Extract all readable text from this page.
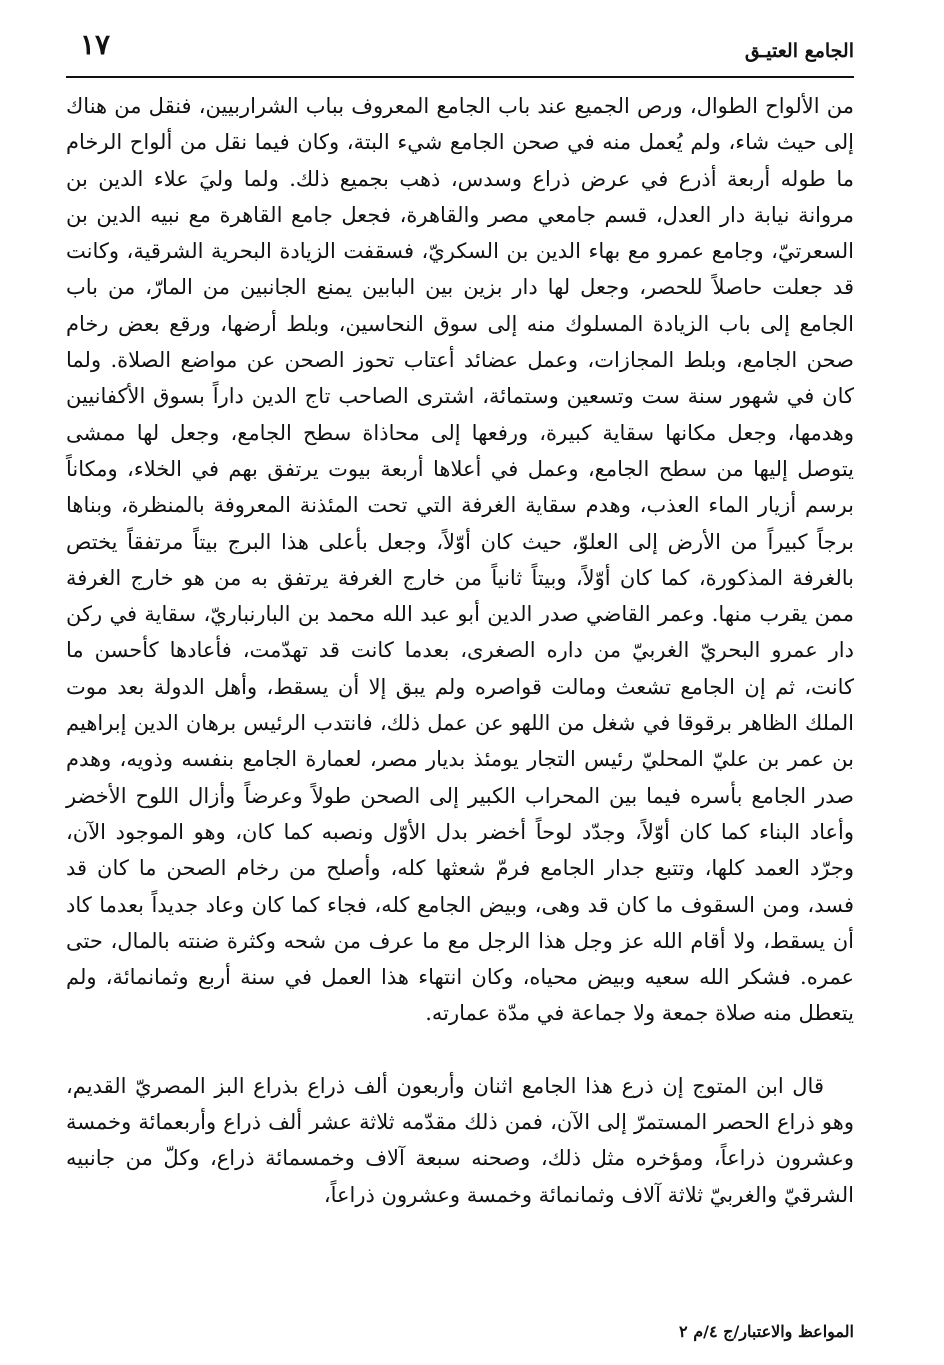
الجامع العتيـق
١٧

من الألواح الطوال، ورص الجميع عند باب الجامع المعروف بباب الشراربيين، فنقل من هناك إلى حيث شاء، ولم يُعمل منه في صحن الجامع شيء البتة، وكان فيما نقل من ألواح الرخام ما طوله أربعة أذرع في عرض ذراع وسدس، ذهب بجميع ذلك. ولما وليَ علاء الدين بن مروانة نيابة دار العدل، قسم جامعي مصر والقاهرة، فجعل جامع القاهرة مع نبيه الدين بن السعرتيّ، وجامع عمرو مع بهاء الدين بن السكريّ، فسقفت الزيادة البحرية الشرقية، وكانت قد جعلت حاصلاً للحصر، وجعل لها دار بزين بين البابين يمنع الجانبين من المارّ، من باب الجامع إلى باب الزيادة المسلوك منه إلى سوق النحاسين، وبلط أرضها، ورقع بعض رخام صحن الجامع، وبلط المجازات، وعمل عضائد أعتاب تحوز الصحن عن مواضع الصلاة. ولما كان في شهور سنة ست وتسعين وستمائة، اشترى الصاحب تاج الدين داراً بسوق الأكفانيين وهدمها، وجعل مكانها سقاية كبيرة، ورفعها إلى محاذاة سطح الجامع، وجعل لها ممشى يتوصل إليها من سطح الجامع، وعمل في أعلاها أربعة بيوت يرتفق بهم في الخلاء، ومكاناً برسم أزيار الماء العذب، وهدم سقاية الغرفة التي تحت المئذنة المعروفة بالمنظرة، وبناها برجاً كبيراً من الأرض إلى العلوّ، حيث كان أوّلاً، وجعل بأعلى هذا البرج بيتاً مرتفقاً يختص بالغرفة المذكورة، كما كان أوّلاً، وبيتاً ثانياً من خارج الغرفة يرتفق به من هو خارج الغرفة ممن يقرب منها. وعمر القاضي صدر الدين أبو عبد الله محمد بن البارنباريّ، سقاية في ركن دار عمرو البحريّ الغربيّ من داره الصغرى، بعدما كانت قد تهدّمت، فأعادها كأحسن ما كانت، ثم إن الجامع تشعث ومالت قواصره ولم يبق إلا أن يسقط، وأهل الدولة بعد موت الملك الظاهر برقوقا في شغل من اللهو عن عمل ذلك، فانتدب الرئيس برهان الدين إبراهيم بن عمر بن عليّ المحليّ رئيس التجار يومئذ بديار مصر، لعمارة الجامع بنفسه وذويه، وهدم صدر الجامع بأسره فيما بين المحراب الكبير إلى الصحن طولاً وعرضاً وأزال اللوح الأخضر وأعاد البناء كما كان أوّلاً، وجدّد لوحاً أخضر بدل الأوّل ونصبه كما كان، وهو الموجود الآن، وجرّد العمد كلها، وتتبع جدار الجامع فرمّ شعثها كله، وأصلح من رخام الصحن ما كان قد فسد، ومن السقوف ما كان قد وهى، وبيض الجامع كله، فجاء كما كان وعاد جديداً بعدما كاد أن يسقط، ولا أقام الله عز وجل هذا الرجل مع ما عرف من شحه وكثرة ضنته بالمال، حتى عمره. فشكر الله سعيه وبيض محياه، وكان انتهاء هذا العمل في سنة أربع وثمانمائة، ولم يتعطل منه صلاة جمعة ولا جماعة في مدّة عمارته.

قال ابن المتوج إن ذرع هذا الجامع اثنان وأربعون ألف ذراع بذراع البز المصريّ القديم، وهو ذراع الحصر المستمرّ إلى الآن، فمن ذلك مقدّمه ثلاثة عشر ألف ذراع وأربعمائة وخمسة وعشرون ذراعاً، ومؤخره مثل ذلك، وصحنه سبعة آلاف وخمسمائة ذراع، وكلّ من جانبيه الشرقيّ والغربيّ ثلاثة آلاف وثمانمائة وخمسة وعشرون ذراعاً،

المواعظ والاعتبار/ج ٤/م ٢
